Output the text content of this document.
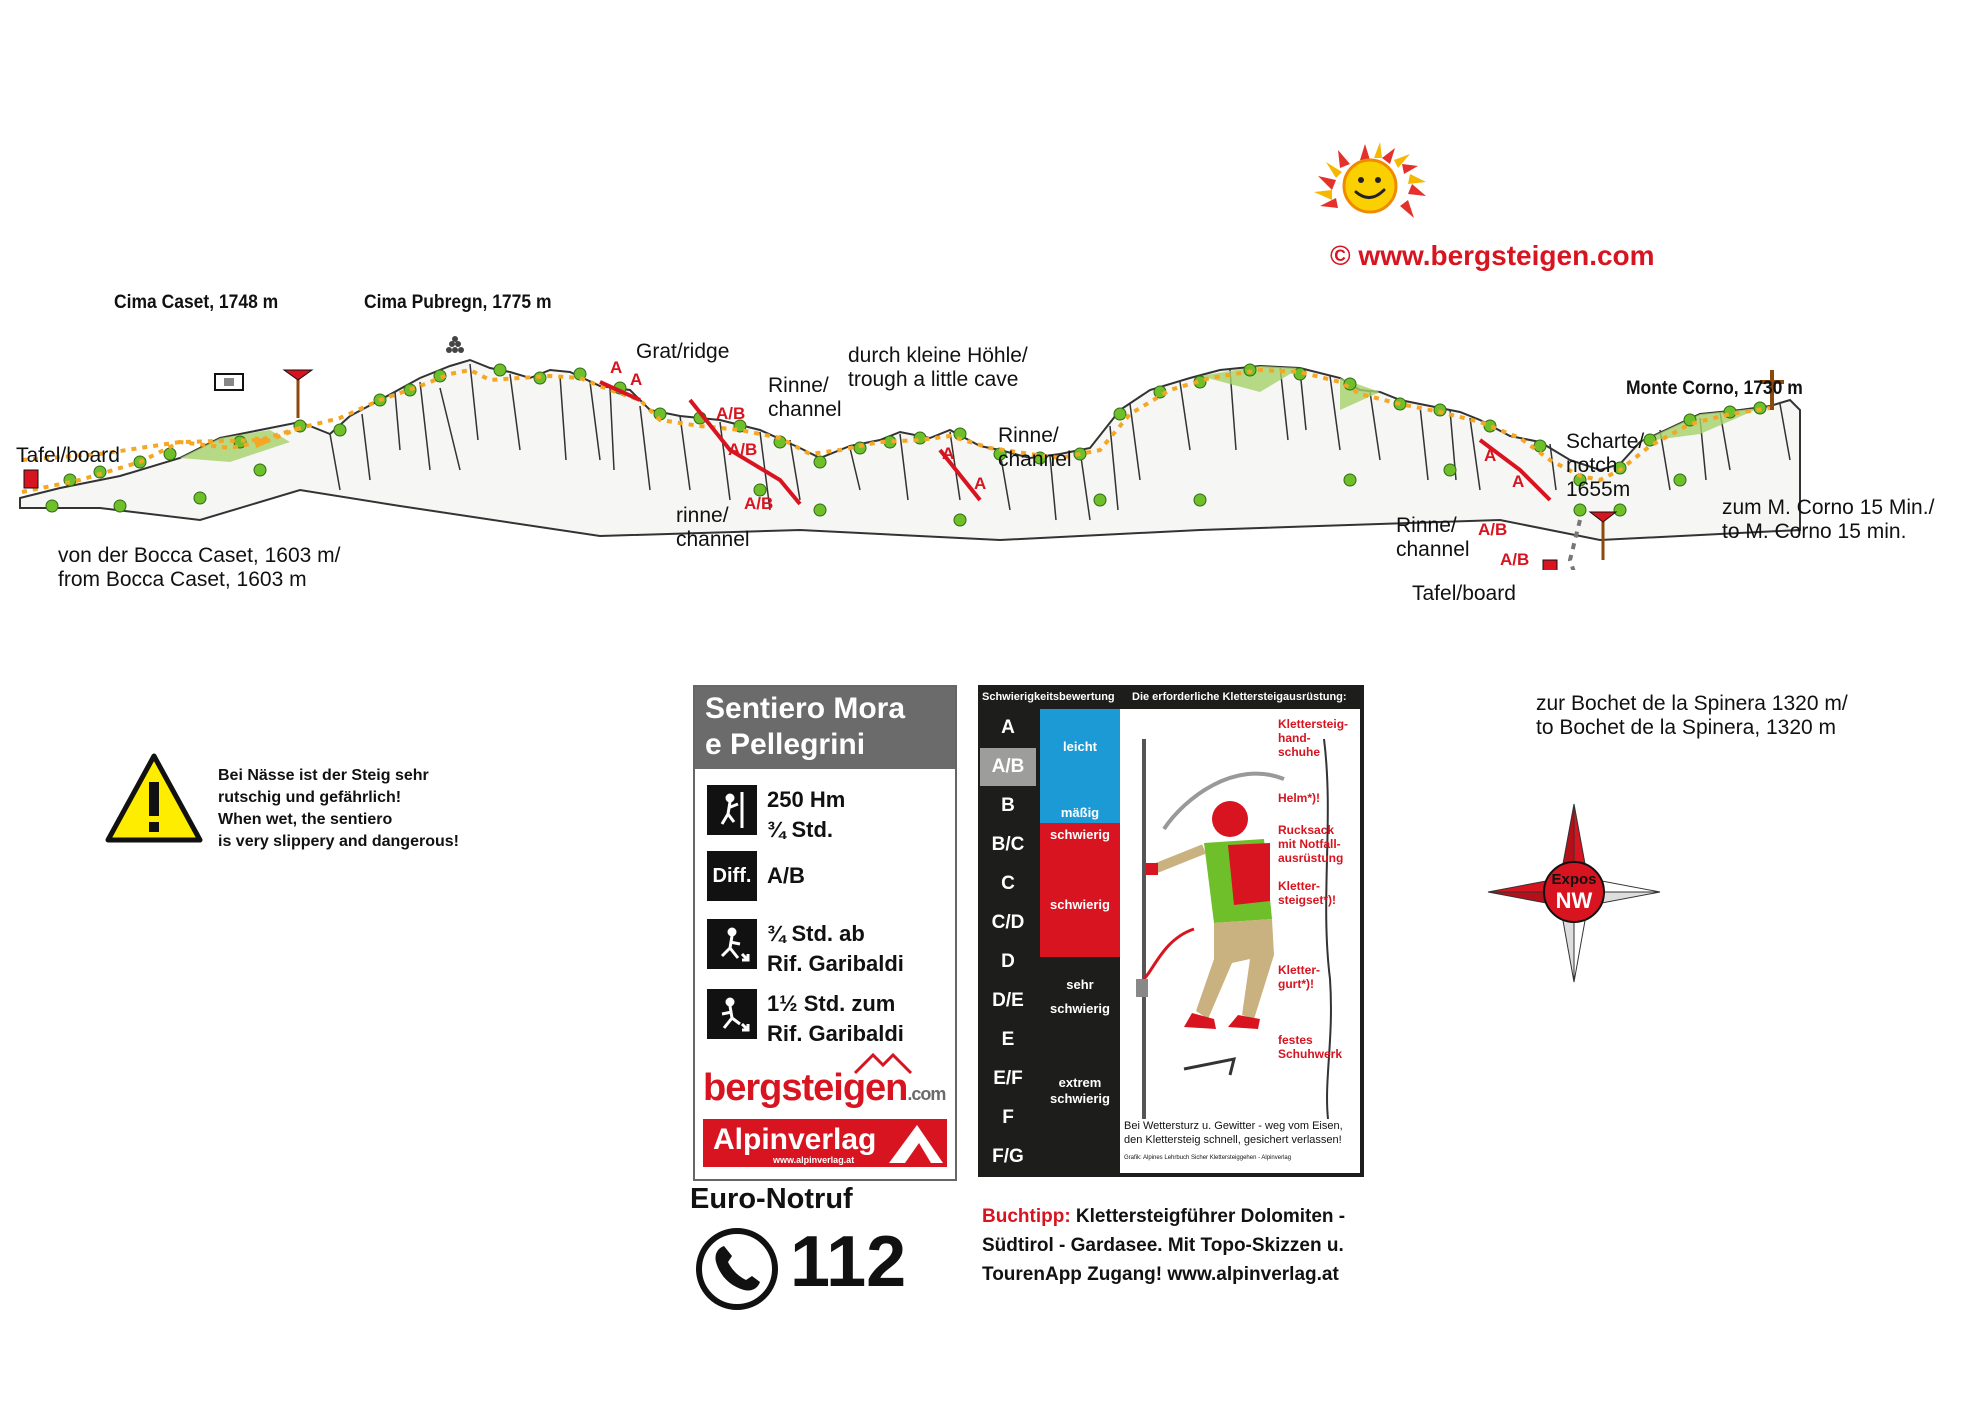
© www.bergsteigen.com
Cima Caset, 1748 m	Cima Pubregn, 1775 m
Monte Corno, 1730 m
Tafel/board
von der Bocca Caset, 1603 m/
from Bocca Caset, 1603 m
Grat/ridge
Rinne/
channel
rinne/
channel
durch kleine Höhle/
trough a little cave
Rinne/
channel
Rinne/
channel
Scharte/
notch
1655m
Tafel/board
zum M. Corno 15 Min./
to M. Corno 15 min.
zur Bochet de la Spinera 1320 m/
to Bochet de la Spinera, 1320 m
A
A
A/B
A/B
A/B
A
A
A
A
A/B
A/B
Bei Nässe ist der Steig sehr
rutschig und gefährlich!
When wet, the sentiero
is very slippery and dangerous!
Sentiero Mora
e Pellegrini
250 Hm
¾ Std.
Diff. A/B
¾ Std. ab
Rif. Garibaldi
1½ Std. zum
Rif. Garibaldi
bergsteigen.com
Alpinverlag
www.alpinverlag.at
Euro-Notruf
112
Schwierigkeitsbewertung Die erforderliche Klettersteigausrüstung:
A
A/B
B
B/C
C
C/D
D
D/E
E
E/F
F
F/G
leicht
mäßig
schwierig
schwierig
sehr
schwierig
extrem
schwierig
Klettersteig-
hand-
schuhe
Helm*)!
Rucksack
mit Notfall-
ausrüstung
Kletter-
steigset*)!
Kletter-
gurt*)!
festes
Schuhwerk
Bei Wettersturz u. Gewitter - weg vom Eisen,
den Klettersteig schnell, gesichert verlassen!
Grafik: Alpines Lehrbuch Sicher Klettersteiggehen - Alpinverlag
Buchtipp: Klettersteigführer Dolomiten -
Südtirol - Gardasee. Mit Topo-Skizzen u.
TourenApp Zugang! www.alpinverlag.at
Expos
NW
